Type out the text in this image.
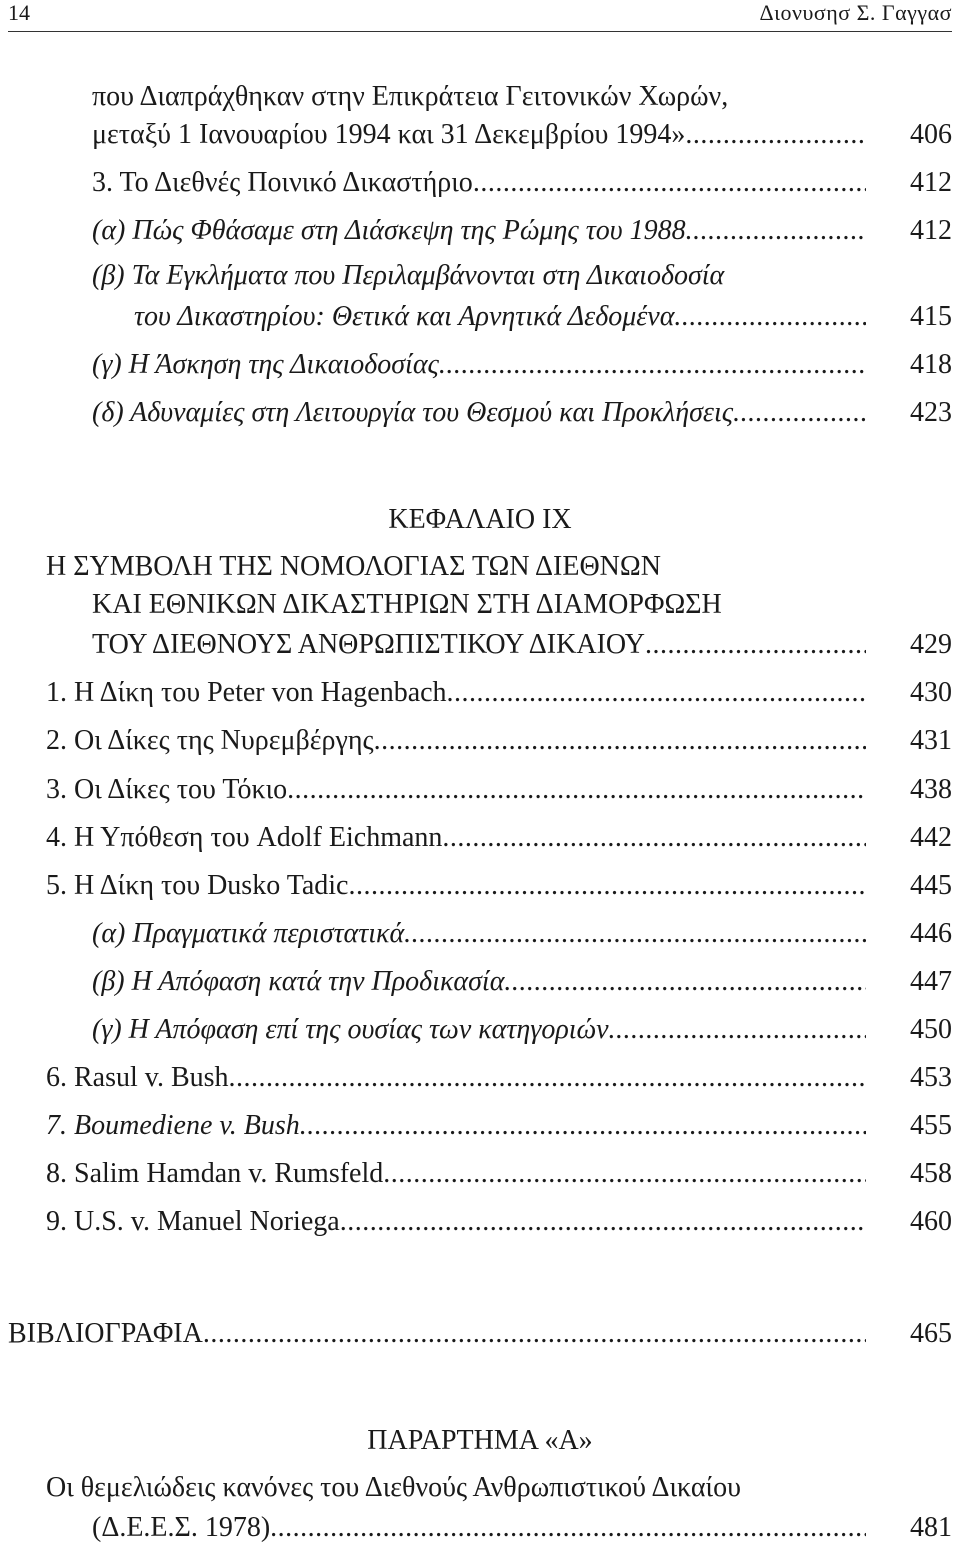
14	Διονυσησ Σ. Γαγγασ
που Διαπράχθηκαν στην Επικράτεια Γειτονικών Χωρών,
μεταξύ 1 Ιανουαρίου 1994 και 31 Δεκεμβρίου 1994» .....	406
3. Το Διεθνές Ποινικό Δικαστήριο .....	412
(α) Πώς Φθάσαμε στη Διάσκεψη της Ρώμης του 1988 .....	412
(β) Τα Εγκλήματα που Περιλαμβάνονται στη Δικαιοδοσία
του Δικαστηρίου: Θετικά και Αρνητικά Δεδομένα .....	415
(γ) Η Άσκηση της Δικαιοδοσίας .....	418
(δ) Αδυναμίες στη Λειτουργία του Θεσμού και Προκλήσεις .....	423
ΚΕΦΑΛΑΙΟ IX
Η ΣΥΜΒΟΛΗ ΤΗΣ ΝΟΜΟΛΟΓΙΑΣ ΤΩΝ ΔΙΕΘΝΩΝ
ΚΑΙ ΕΘΝΙΚΩΝ ΔΙΚΑΣΤΗΡΙΩΝ ΣΤΗ ΔΙΑΜΟΡΦΩΣΗ
ΤΟΥ ΔΙΕΘΝΟΥΣ ΑΝΘΡΩΠΙΣΤΙΚΟΥ ΔΙΚΑΙΟΥ .....	429
1. Η Δίκη του Peter von Hagenbach .....	430
2. Οι Δίκες της Νυρεμβέργης .....	431
3. Οι Δίκες του Τόκιο .....	438
4. Η Υπόθεση του Adolf Eichmann .....	442
5. Η Δίκη του Dusko Tadic .....	445
(α) Πραγματικά περιστατικά .....	446
(β) Η Απόφαση κατά την Προδικασία .....	447
(γ) Η Απόφαση επί της ουσίας των κατηγοριών .....	450
6. Rasul v. Bush .....	453
7. Boumediene v. Bush .....	455
8. Salim Hamdan v. Rumsfeld .....	458
9. U.S. v. Manuel Noriega .....	460
ΒΙΒΛΙΟΓΡΑΦΙΑ .....	465
ΠΑΡΑΡΤΗΜΑ «Α»
Οι θεμελιώδεις κανόνες του Διεθνούς Ανθρωπιστικού Δικαίου
(Δ.Ε.Ε.Σ. 1978) .....	481
